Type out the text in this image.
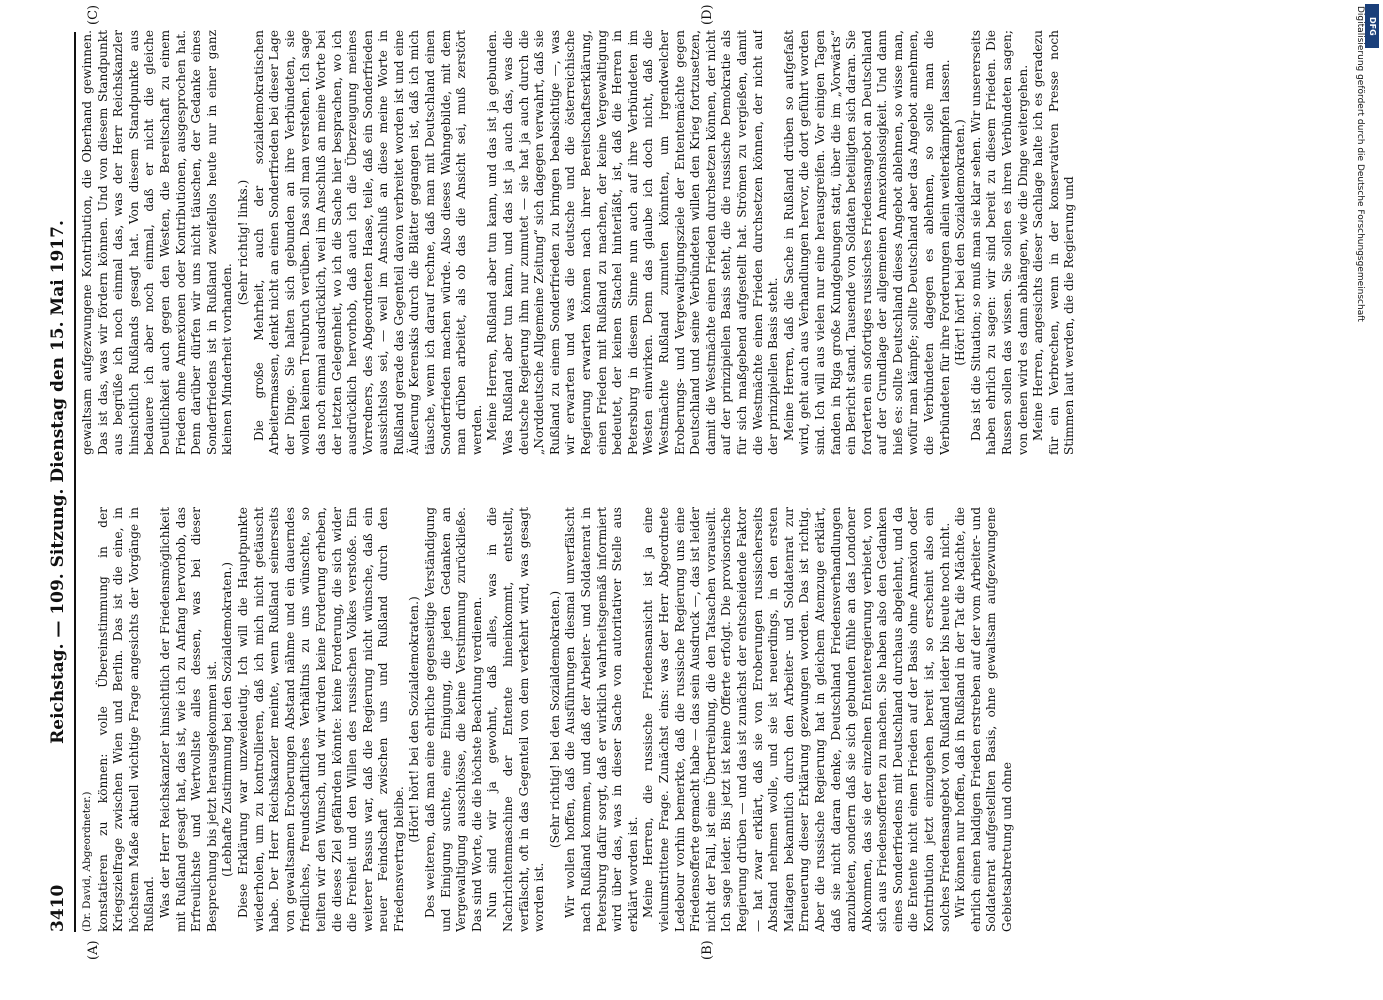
DFG
Digitalisierung gefördert durch die Deutsche Forschungsgemeinschaft
3410
Reichstag. — 109. Sitzung. Dienstag den 15. Mai 1917.
(A)	(B)
(C)	(D)

(Dr. David, Abgeordneter.) konstatieren zu können: volle Übereinstimmung in der Kriegszielfrage zwischen Wien und Berlin. Das ist die eine, in höchstem Maße aktuell wichtige Frage angesichts der Vorgänge in Rußland. Was der Herr Reichskanzler hinsichtlich der Friedensmöglichkeit mit Rußland gesagt hat, das ist, wie ich zu Anfang hervorhob, das Erfreulichste und Wertvollste alles dessen, was bei dieser Besprechung bis jetzt herausgekommen ist. (Lebhafte Zustimmung bei den Sozialdemokraten.) Diese Erklärung war unzweideutig. Ich will die Hauptpunkte wiederholen, um zu kontrollieren, daß ich mich nicht getäuscht habe. Der Herr Reichskanzler meinte, wenn Rußland seinerseits von gewaltsamen Eroberungen Abstand nähme und ein dauerndes friedliches, freundschaftliches Verhältnis zu uns wünschte, so teilten wir den Wunsch, und wir würden keine Forderung erheben, die dieses Ziel gefährden könnte: keine Forderung, die sich wider die Freiheit und den Willen des russischen Volkes verstoße. Ein weiterer Passus war, daß die Regierung nicht wünsche, daß ein neuer Feindschaft zwischen uns und Rußland durch den Friedensvertrag bleibe.

(Hört! hört! bei den Sozialdemokraten.) Des weiteren, daß man eine ehrliche gegenseitige Verständigung und Einigung suchte, eine Einigung, die jeden Gedanken an Vergewaltigung ausschlösse, die keine Verstimmung zurückließe. Das sind Worte, die die höchste Beachtung verdienen. Nun sind wir ja gewohnt, daß alles, was in die Nachrichtenmaschine der Entente hineinkommt, entstellt, verfälscht, oft in das Gegenteil von dem verkehrt wird, was gesagt worden ist.

(Sehr richtig! bei den Sozialdemokraten.) Wir wollen hoffen, daß die Ausführungen diesmal unverfälscht nach Rußland kommen, und daß der Arbeiter- und Soldatenrat in Petersburg dafür sorgt, daß er wirklich wahrheitsgemäß informiert wird über das, was in dieser Sache von autoritativer Stelle aus erklärt worden ist. Meine Herren, die russische Friedensansicht ist ja eine vielumstrittene Frage. Zunächst eins: was der Herr Abgeordnete Ledebour vorhin bemerkte, daß die russische Regierung uns eine Friedensofferte gemacht habe — das sein Ausdruck —, das ist leider nicht der Fall, ist eine Übertreibung, die den Tatsachen vorauseilt. Ich sage leider. Bis jetzt ist keine Offerte erfolgt. Die provisorische Regierung drüben — und das ist zunächst der entscheidende Faktor — hat zwar erklärt, daß sie von Eroberungen russischerseits Abstand nehmen wolle, und sie ist neuerdings, in den ersten Maitagen bekanntlich durch den Arbeiter- und Soldatenrat zur Erneuerung dieser Erklärung gezwungen worden. Das ist richtig. Aber die russische Regierung hat in gleichem Atemzuge erklärt, daß sie nicht daran denke, Deutschland Friedensverhandlungen anzubieten, sondern daß sie sich gebunden fühle an das Londoner Abkommen, das sie der einzelnen Ententeregierung verbietet, von sich aus Friedensofferten zu machen. Sie haben also den Gedanken eines Sonderfriedens mit Deutschland durchaus abgelehnt, und da die Entente nicht einen Frieden auf der Basis ohne Annexion oder Kontribution jetzt einzugehen bereit ist, so erscheint also ein solches Friedensangebot von Rußland leider bis heute noch nicht. Wir können nur hoffen, daß in Rußland in der Tat die Mächte, die ehrlich einen baldigen Frieden erstreben auf der vom Arbeiter- und Soldatenrat aufgestellten Basis, ohne gewaltsam aufgezwungene Gebietsabtretung und ohne

gewaltsam aufgezwungene Kontribution, die Oberhand gewinnen. Das ist das, was wir fördern können. Und von diesem Standpunkt aus begrüße ich noch einmal das, was der Herr Reichskanzler hinsichtlich Rußlands gesagt hat. Von diesem Standpunkte aus bedauere ich aber noch einmal, daß er nicht die gleiche Deutlichkeit auch gegen den Westen, die Bereitschaft zu einem Frieden ohne Annexionen oder Kontributionen, ausgesprochen hat. Denn darüber dürfen wir uns nicht täuschen, der Gedanke eines Sonderfriedens ist in Rußland zweifellos heute nur in einer ganz kleinen Minderheit vorhanden.

(Sehr richtig! links.) Die große Mehrheit, auch der sozialdemokratischen Arbeitermassen, denkt nicht an einen Sonderfrieden bei dieser Lage der Dinge. Sie halten sich gebunden an ihre Verbündeten, sie wollen keinen Treubruch verüben. Das soll man verstehen. Ich sage das noch einmal ausdrücklich, weil im Anschluß an meine Worte bei der letzten Gelegenheit, wo ich die Sache hier besprachen, wo ich ausdrücklich hervorhob, daß auch ich die Überzeugung meines Vorredners, des Abgeordneten Haase, teile, daß ein Sonderfrieden aussichtslos sei, — weil im Anschluß an diese meine Worte in Rußland gerade das Gegenteil davon verbreitet worden ist und eine Äußerung Kerenskis durch die Blätter gegangen ist, daß ich mich täusche, wenn ich darauf rechne, daß man mit Deutschland einen Sonderfrieden machen würde. Also dieses Wahngebilde, mit dem man drüben arbeitet, als ob das die Ansicht sei, muß zerstört werden. Meine Herren, Rußland aber tun kann, und das ist ja gebunden. Was Rußland aber tun kann, und das ist ja auch das, was die deutsche Regierung ihm nur zumutet — sie hat ja auch durch die „Norddeutsche Allgemeine Zeitung“ sich dagegen verwahrt, daß sie Rußland zu einem Sonderfrieden zu bringen beabsichtige —, was wir erwarten und was die deutsche und die österreichische Regierung erwarten können nach ihrer Bereitschaftserklärung, einen Frieden mit Rußland zu machen, der keine Vergewaltigung bedeutet, der keinen Stachel hinterläßt, ist, daß die Herren in Petersburg in diesem Sinne nun auch auf ihre Verbündeten im Westen einwirken. Denn das glaube ich doch nicht, daß die Westmächte Rußland zumuten könnten, um irgendwelcher Eroberungs- und Vergewaltigungsziele der Ententemächte gegen Deutschland und seine Verbündeten willen den Krieg fortzusetzen, damit die Westmächte einen Frieden durchsetzen können, der nicht auf der prinzipiellen Basis steht, die die russische Demokratie als für sich maßgebend aufgestellt hat. Strömen zu vergießen, damit die Westmächte einen Frieden durchsetzen können, der nicht auf der prinzipiellen Basis steht. Meine Herren, daß die Sache in Rußland drüben so aufgefaßt wird, geht auch aus Verhandlungen hervor, die dort geführt worden sind. Ich will aus vielen nur eine herausgreifen. Vor einigen Tagen fanden in Riga große Kundgebungen statt, über die im „Vorwärts“ ein Bericht stand. Tausende von Soldaten beteiligten sich daran. Sie forderten ein sofortiges russisches Friedensangebot an Deutschland auf der Grundlage der allgemeinen Annexionslosigkeit. Und dann hieß es: sollte Deutschland dieses Angebot ablehnen, so wisse man, wofür man kämpfe; sollte Deutschland aber das Angebot annehmen, die Verbündeten dagegen es ablehnen, so solle man die Verbündeten für ihre Forderungen allein weiterkämpfen lassen. (Hört! hört! bei den Sozialdemokraten.) Das ist die Situation; so muß man sie klar sehen. Wir unsererseits haben ehrlich zu sagen: wir sind bereit zu diesem Frieden. Die Russen sollen das wissen. Sie sollen es ihren Verbündeten sagen; von denen wird es dann abhängen, wie die Dinge weitergehen. Meine Herren, angesichts dieser Sachlage halte ich es geradezu für ein Verbrechen, wenn in der konservativen Presse noch Stimmen laut werden, die die Regierung und
